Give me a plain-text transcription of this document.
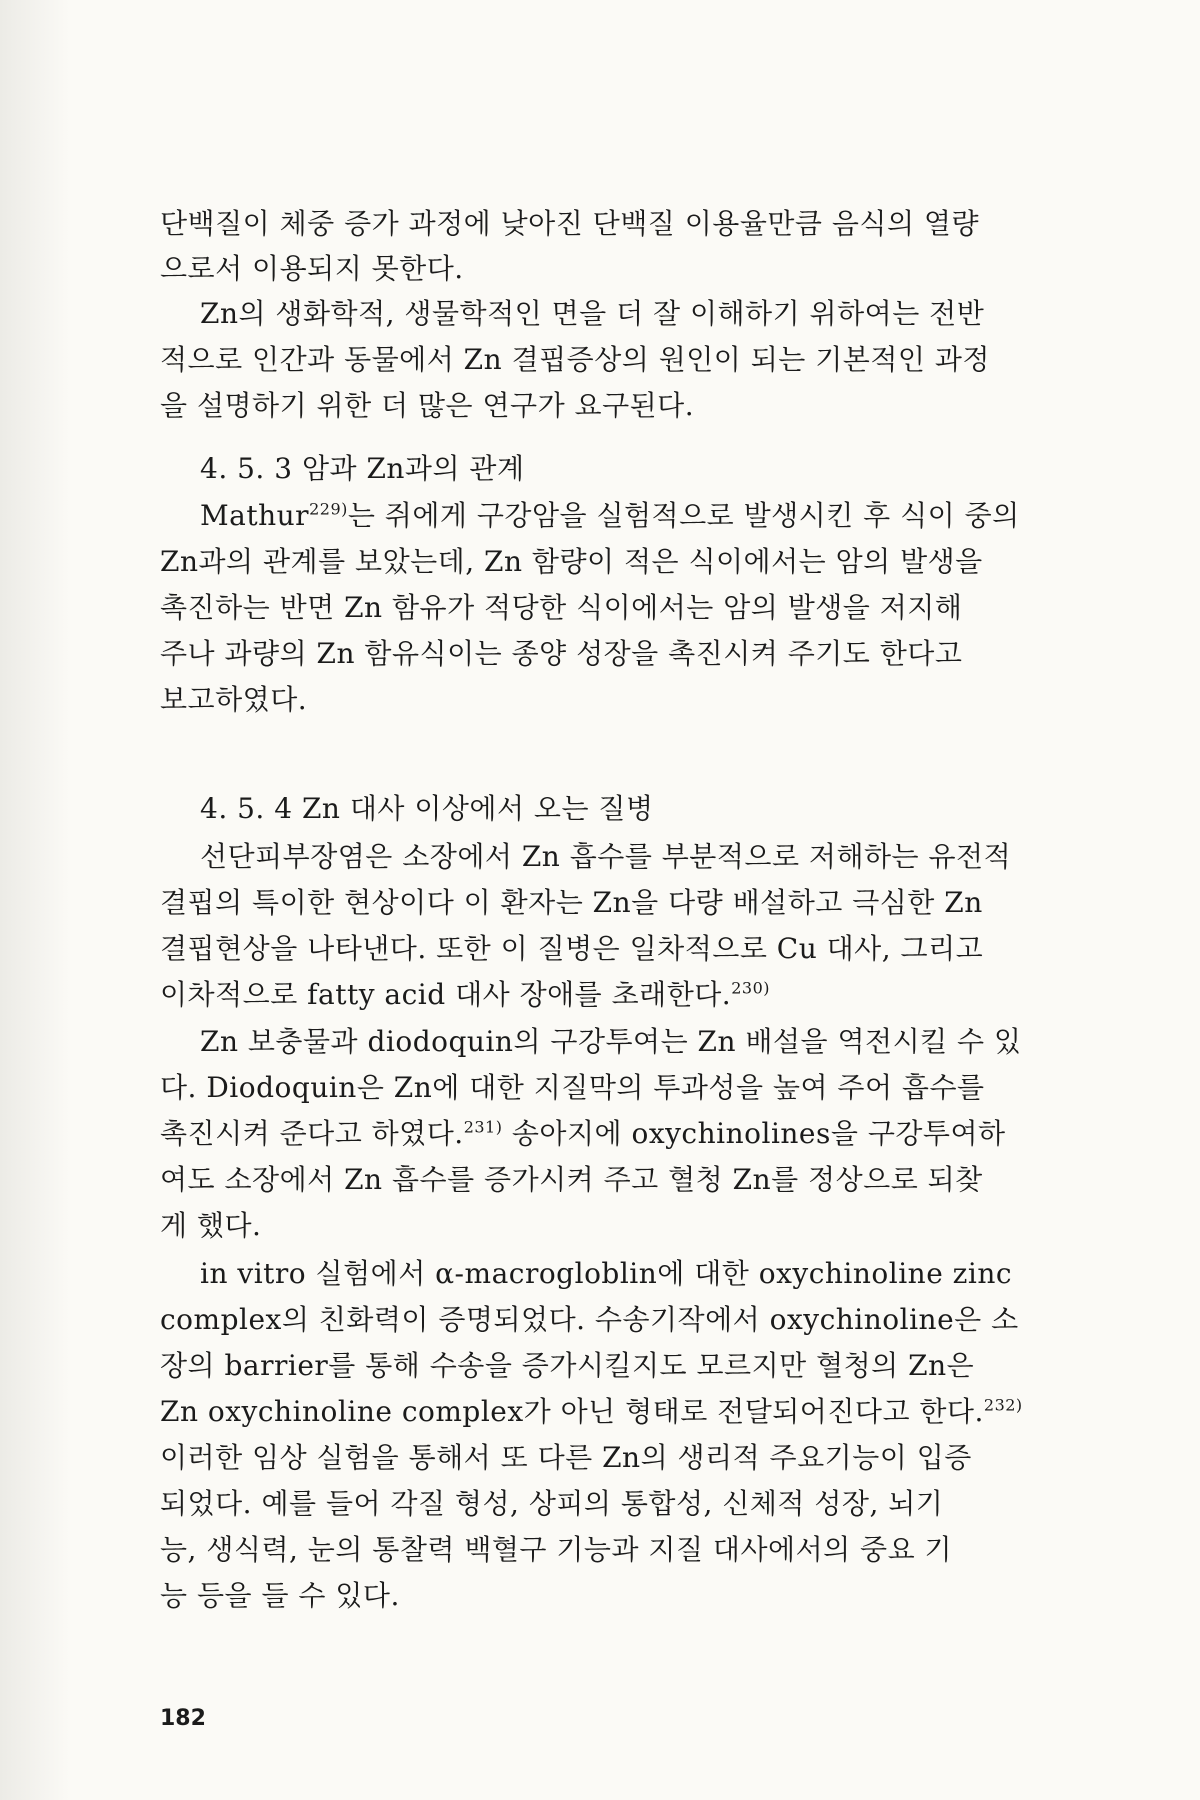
단백질이 체중 증가 과정에 낮아진 단백질 이용율만큼 음식의 열량
으로서 이용되지 못한다.
Zn의 생화학적, 생물학적인 면을 더 잘 이해하기 위하여는 전반
적으로 인간과 동물에서 Zn 결핍증상의 원인이 되는 기본적인 과정
을 설명하기 위한 더 많은 연구가 요구된다.
4. 5. 3 암과 Zn과의 관계
Mathur$^{229)}$는 쥐에게 구강암을 실험적으로 발생시킨 후 식이 중의
Zn과의 관계를 보았는데, Zn 함량이 적은 식이에서는 암의 발생을
촉진하는 반면 Zn 함유가 적당한 식이에서는 암의 발생을 저지해
주나 과량의 Zn 함유식이는 종양 성장을 촉진시켜 주기도 한다고
보고하였다.
4. 5. 4 Zn 대사 이상에서 오는 질병
선단피부장염은 소장에서 Zn 흡수를 부분적으로 저해하는 유전적
결핍의 특이한 현상이다 이 환자는 Zn을 다량 배설하고 극심한 Zn
결핍현상을 나타낸다. 또한 이 질병은 일차적으로 Cu 대사, 그리고
이차적으로 fatty acid 대사 장애를 초래한다.$^{230)}$
Zn 보충물과 diodoquin의 구강투여는 Zn 배설을 역전시킬 수 있
다. Diodoquin은 Zn에 대한 지질막의 투과성을 높여 주어 흡수를
촉진시켜 준다고 하였다.$^{231)}$ 송아지에 oxychinolines을 구강투여하
여도 소장에서 Zn 흡수를 증가시켜 주고 혈청 Zn를 정상으로 되찾
게 했다.
in vitro 실험에서 α-macrogloblin에 대한 oxychinoline zinc
complex의 친화력이 증명되었다. 수송기작에서 oxychinoline은 소
장의 barrier를 통해 수송을 증가시킬지도 모르지만 혈청의 Zn은
Zn oxychinoline complex가 아닌 형태로 전달되어진다고 한다.$^{232)}$
이러한 임상 실험을 통해서 또 다른 Zn의 생리적 주요기능이 입증
되었다. 예를 들어 각질 형성, 상피의 통합성, 신체적 성장, 뇌기
능, 생식력, 눈의 통찰력 백혈구 기능과 지질 대사에서의 중요 기
능 등을 들 수 있다.
182
